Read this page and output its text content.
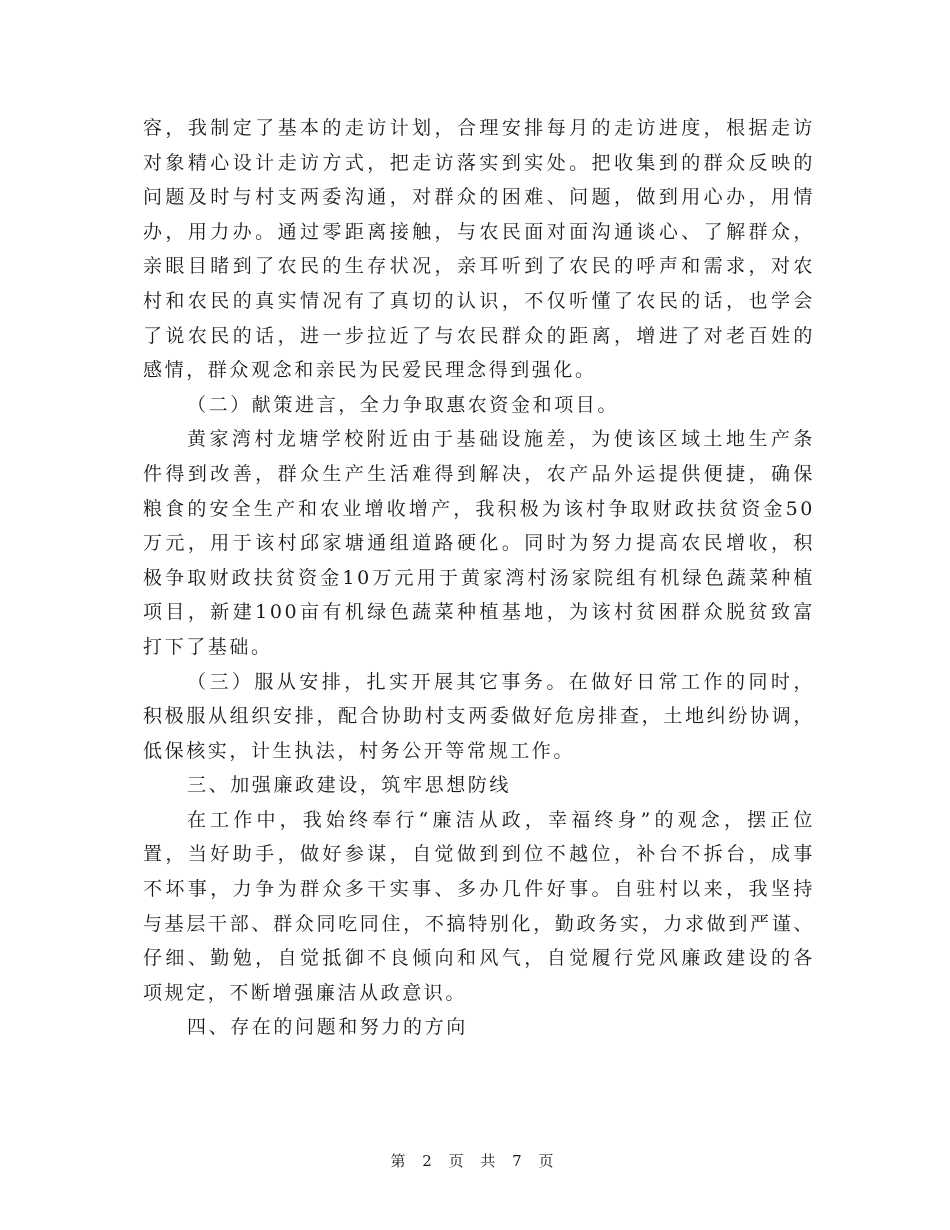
容，我制定了基本的走访计划，合理安排每月的走访进度，根据走访
对象精心设计走访方式，把走访落实到实处。把收集到的群众反映的
问题及时与村支两委沟通，对群众的困难、问题，做到用心办，用情
办，用力办。通过零距离接触，与农民面对面沟通谈心、了解群众，
亲眼目睹到了农民的生存状况，亲耳听到了农民的呼声和需求，对农
村和农民的真实情况有了真切的认识，不仅听懂了农民的话，也学会
了说农民的话，进一步拉近了与农民群众的距离，增进了对老百姓的
感情，群众观念和亲民为民爱民理念得到强化。
（二）献策进言，全力争取惠农资金和项目。
黄家湾村龙塘学校附近由于基础设施差，为使该区域土地生产条
件得到改善，群众生产生活难得到解决，农产品外运提供便捷，确保
粮食的安全生产和农业增收增产，我积极为该村争取财政扶贫资金50
万元，用于该村邱家塘通组道路硬化。同时为努力提高农民增收，积
极争取财政扶贫资金10万元用于黄家湾村汤家院组有机绿色蔬菜种植
项目，新建100亩有机绿色蔬菜种植基地，为该村贫困群众脱贫致富
打下了基础。
（三）服从安排，扎实开展其它事务。在做好日常工作的同时，
积极服从组织安排，配合协助村支两委做好危房排查，土地纠纷协调，
低保核实，计生执法，村务公开等常规工作。
三、加强廉政建设，筑牢思想防线
在工作中，我始终奉行“廉洁从政，幸福终身”的观念，摆正位
置，当好助手，做好参谋，自觉做到到位不越位，补台不拆台，成事
不坏事，力争为群众多干实事、多办几件好事。自驻村以来，我坚持
与基层干部、群众同吃同住，不搞特别化，勤政务实，力求做到严谨、
仔细、勤勉，自觉抵御不良倾向和风气，自觉履行党风廉政建设的各
项规定，不断增强廉洁从政意识。
四、存在的问题和努力的方向
第 2 页 共 7 页
